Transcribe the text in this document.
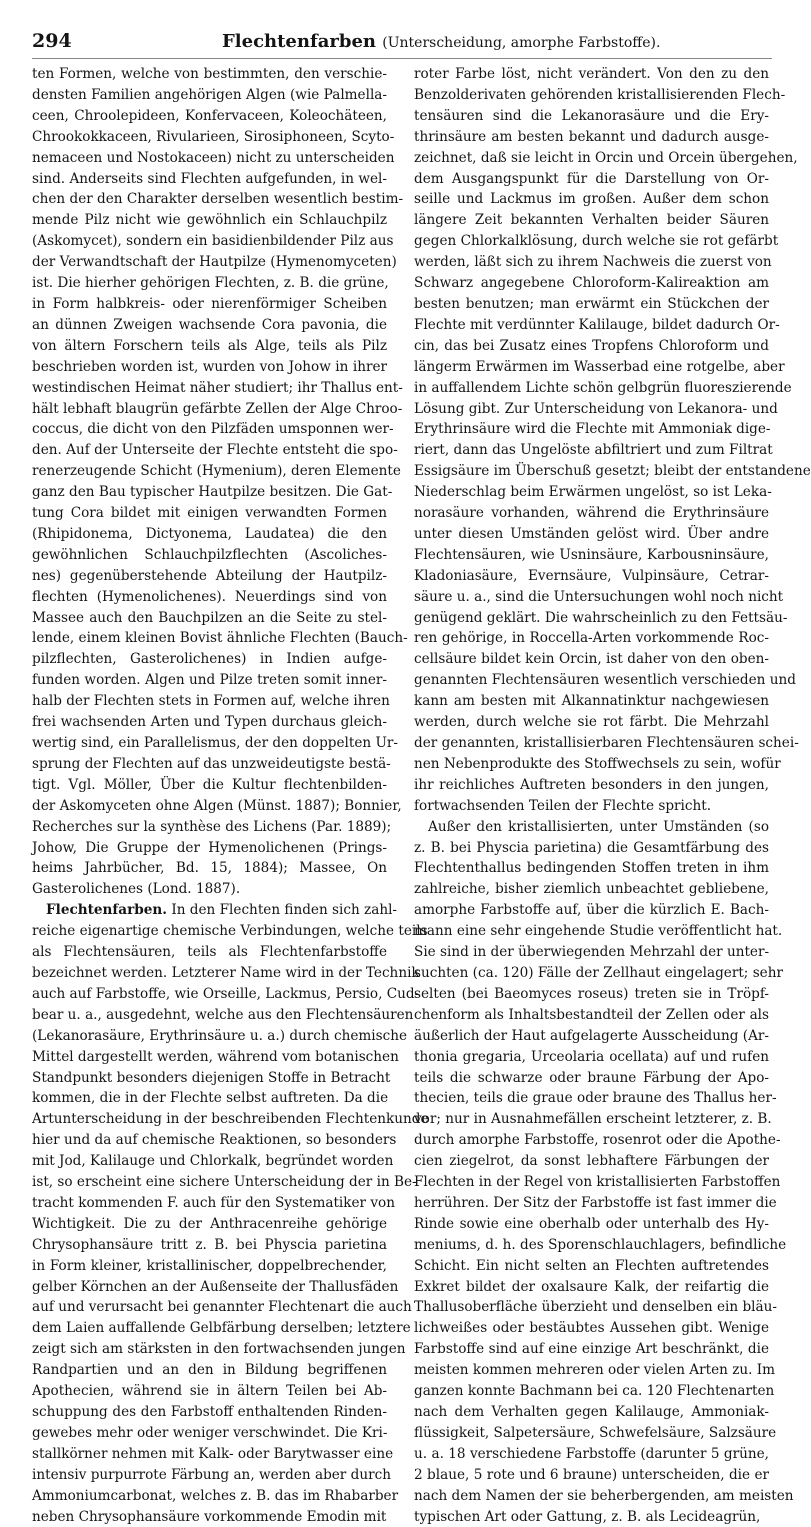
294	Flechtenfarben (Unterscheidung, amorphe Farbstoffe).
ten Formen, welche von bestimmten, den verschie-
densten Familien angehörigen Algen (wie Palmella-
ceen, Chroolepideen, Konfervaceen, Koleochäteen,
Chrookokkaceen, Rivularieen, Sirosiphoneen, Scyto-
nemaceen und Nostokaceen) nicht zu unterscheiden
sind. Anderseits sind Flechten aufgefunden, in wel-
chen der den Charakter derselben wesentlich bestim-
mende Pilz nicht wie gewöhnlich ein Schlauchpilz
(Askomycet), sondern ein basidienbildender Pilz aus
der Verwandtschaft der Hautpilze (Hymenomyceten)
ist. Die hierher gehörigen Flechten, z. B. die grüne,
in Form halbkreis- oder nierenförmiger Scheiben
an dünnen Zweigen wachsende Cora pavonia, die
von ältern Forschern teils als Alge, teils als Pilz
beschrieben worden ist, wurden von Johow in ihrer
westindischen Heimat näher studiert; ihr Thallus ent-
hält lebhaft blaugrün gefärbte Zellen der Alge Chroo-
coccus, die dicht von den Pilzfäden umsponnen wer-
den. Auf der Unterseite der Flechte entsteht die spo-
renerzeugende Schicht (Hymenium), deren Elemente
ganz den Bau typischer Hautpilze besitzen. Die Gat-
tung Cora bildet mit einigen verwandten Formen
(Rhipidonema, Dictyonema, Laudatea) die den
gewöhnlichen Schlauchpilzflechten (Ascoliches-
nes) gegenüberstehende Abteilung der Hautpilz-
flechten (Hymenolichenes). Neuerdings sind von
Massee auch den Bauchpilzen an die Seite zu stel-
lende, einem kleinen Bovist ähnliche Flechten (Bauch-
pilzflechten, Gasterolichenes) in Indien aufge-
funden worden. Algen und Pilze treten somit inner-
halb der Flechten stets in Formen auf, welche ihren
frei wachsenden Arten und Typen durchaus gleich-
wertig sind, ein Parallelismus, der den doppelten Ur-
sprung der Flechten auf das unzweideutigste bestä-
tigt. Vgl. Möller, Über die Kultur flechtenbilden-
der Askomyceten ohne Algen (Münst. 1887); Bonnier,
Recherches sur la synthèse des Lichens (Par. 1889);
Johow, Die Gruppe der Hymenolichenen (Prings-
heims Jahrbücher, Bd. 15, 1884); Massee, On
Gasterolichenes (Lond. 1887).
Flechtenfarben. In den Flechten finden sich zahl-
reiche eigenartige chemische Verbindungen, welche teils
als Flechtensäuren, teils als Flechtenfarbstoffe
bezeichnet werden. Letzterer Name wird in der Technik
auch auf Farbstoffe, wie Orseille, Lackmus, Persio, Cud-
bear u. a., ausgedehnt, welche aus den Flechtensäuren
(Lekanorasäure, Erythrinsäure u. a.) durch chemische
Mittel dargestellt werden, während vom botanischen
Standpunkt besonders diejenigen Stoffe in Betracht
kommen, die in der Flechte selbst auftreten. Da die
Artunterscheidung in der beschreibenden Flechtenkunde
hier und da auf chemische Reaktionen, so besonders
mit Jod, Kalilauge und Chlorkalk, begründet worden
ist, so erscheint eine sichere Unterscheidung der in Be-
tracht kommenden F. auch für den Systematiker von
Wichtigkeit. Die zu der Anthracenreihe gehörige
Chrysophansäure tritt z. B. bei Physcia parietina
in Form kleiner, kristallinischer, doppelbrechender,
gelber Körnchen an der Außenseite der Thallusfäden
auf und verursacht bei genannter Flechtenart die auch
dem Laien auffallende Gelbfärbung derselben; letztere
zeigt sich am stärksten in den fortwachsenden jungen
Randpartien und an den in Bildung begriffenen
Apothecien, während sie in ältern Teilen bei Ab-
schuppung des den Farbstoff enthaltenden Rinden-
gewebes mehr oder weniger verschwindet. Die Kri-
stallkörner nehmen mit Kalk- oder Barytwasser eine
intensiv purpurrote Färbung an, werden aber durch
Ammoniumcarbonat, welches z. B. das im Rhabarber
neben Chrysophansäure vorkommende Emodin mit
roter Farbe löst, nicht verändert. Von den zu den
Benzolderivaten gehörenden kristallisierenden Flech-
tensäuren sind die Lekanorasäure und die Ery-
thrinsäure am besten bekannt und dadurch ausge-
zeichnet, daß sie leicht in Orcin und Orcein übergehen,
dem Ausgangspunkt für die Darstellung von Or-
seille und Lackmus im großen. Außer dem schon
längere Zeit bekannten Verhalten beider Säuren
gegen Chlorkalklösung, durch welche sie rot gefärbt
werden, läßt sich zu ihrem Nachweis die zuerst von
Schwarz angegebene Chloroform-Kalireaktion am
besten benutzen; man erwärmt ein Stückchen der
Flechte mit verdünnter Kalilauge, bildet dadurch Or-
cin, das bei Zusatz eines Tropfens Chloroform und
längerm Erwärmen im Wasserbad eine rotgelbe, aber
in auffallendem Lichte schön gelbgrün fluoreszierende
Lösung gibt. Zur Unterscheidung von Lekanora- und
Erythrinsäure wird die Flechte mit Ammoniak dige-
riert, dann das Ungelöste abfiltriert und zum Filtrat
Essigsäure im Überschuß gesetzt; bleibt der entstandene
Niederschlag beim Erwärmen ungelöst, so ist Leka-
norasäure vorhanden, während die Erythrinsäure
unter diesen Umständen gelöst wird. Über andre
Flechtensäuren, wie Usninsäure, Karbousninsäure,
Kladoniasäure, Evernsäure, Vulpinsäure, Cetrar-
säure u. a., sind die Untersuchungen wohl noch nicht
genügend geklärt. Die wahrscheinlich zu den Fettsäu-
ren gehörige, in Roccella-Arten vorkommende Roc-
cellsäure bildet kein Orcin, ist daher von den oben-
genannten Flechtensäuren wesentlich verschieden und
kann am besten mit Alkannatinktur nachgewiesen
werden, durch welche sie rot färbt. Die Mehrzahl
der genannten, kristallisierbaren Flechtensäuren schei-
nen Nebenprodukte des Stoffwechsels zu sein, wofür
ihr reichliches Auftreten besonders in den jungen,
fortwachsenden Teilen der Flechte spricht.
Außer den kristallisierten, unter Umständen (so
z. B. bei Physcia parietina) die Gesamtfärbung des
Flechtenthallus bedingenden Stoffen treten in ihm
zahlreiche, bisher ziemlich unbeachtet gebliebene,
amorphe Farbstoffe auf, über die kürzlich E. Bach-
mann eine sehr eingehende Studie veröffentlicht hat.
Sie sind in der überwiegenden Mehrzahl der unter-
suchten (ca. 120) Fälle der Zellhaut eingelagert; sehr
selten (bei Baeomyces roseus) treten sie in Tröpf-
chenform als Inhaltsbestandteil der Zellen oder als
äußerlich der Haut aufgelagerte Ausscheidung (Ar-
thonia gregaria, Urceolaria ocellata) auf und rufen
teils die schwarze oder braune Färbung der Apo-
thecien, teils die graue oder braune des Thallus her-
vor; nur in Ausnahmefällen erscheint letzterer, z. B.
durch amorphe Farbstoffe, rosenrot oder die Apothe-
cien ziegelrot, da sonst lebhaftere Färbungen der
Flechten in der Regel von kristallisierten Farbstoffen
herrühren. Der Sitz der Farbstoffe ist fast immer die
Rinde sowie eine oberhalb oder unterhalb des Hy-
meniums, d. h. des Sporenschlauchlagers, befindliche
Schicht. Ein nicht selten an Flechten auftretendes
Exkret bildet der oxalsaure Kalk, der reifartig die
Thallusoberfläche überzieht und denselben ein bläu-
lichweißes oder bestäubtes Aussehen gibt. Wenige
Farbstoffe sind auf eine einzige Art beschränkt, die
meisten kommen mehreren oder vielen Arten zu. Im
ganzen konnte Bachmann bei ca. 120 Flechtenarten
nach dem Verhalten gegen Kalilauge, Ammoniak-
flüssigkeit, Salpetersäure, Schwefelsäure, Salzsäure
u. a. 18 verschiedene Farbstoffe (darunter 5 grüne,
2 blaue, 5 rote und 6 braune) unterscheiden, die er
nach dem Namen der sie beherbergenden, am meisten
typischen Art oder Gattung, z. B. als Lecideagrün,
